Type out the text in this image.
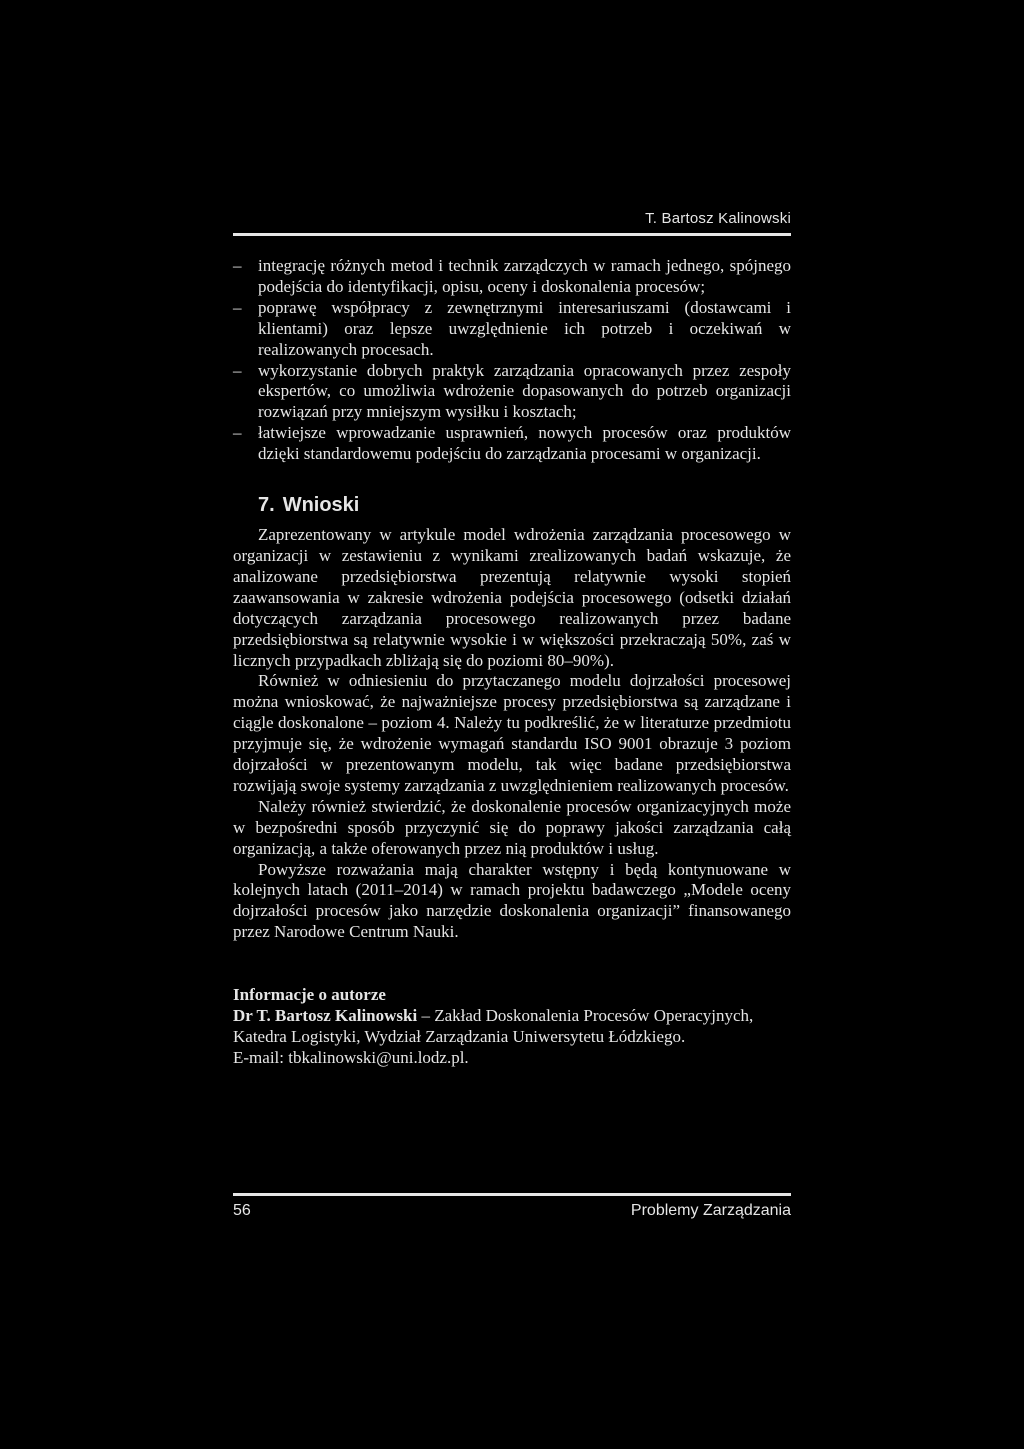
T. Bartosz Kalinowski
– integrację różnych metod i technik zarządczych w ramach jednego, spójnego podejścia do identyfikacji, opisu, oceny i doskonalenia procesów;
– poprawę współpracy z zewnętrznymi interesariuszami (dostawcami i klientami) oraz lepsze uwzględnienie ich potrzeb i oczekiwań w realizowanych procesach.
– wykorzystanie dobrych praktyk zarządzania opracowanych przez zespoły ekspertów, co umożliwia wdrożenie dopasowanych do potrzeb organizacji rozwiązań przy mniejszym wysiłku i kosztach;
– łatwiejsze wprowadzanie usprawnień, nowych procesów oraz produktów dzięki standardowemu podejściu do zarządzania procesami w organizacji.
7. Wnioski

Zaprezentowany w artykule model wdrożenia zarządzania procesowego w organizacji w zestawieniu z wynikami zrealizowanych badań wskazuje, że analizowane przedsiębiorstwa prezentują relatywnie wysoki stopień zaawansowania w zakresie wdrożenia podejścia procesowego (odsetki działań dotyczących zarządzania procesowego realizowanych przez badane przedsiębiorstwa są relatywnie wysokie i w większości przekraczają 50%, zaś w licznych przypadkach zbliżają się do poziomi 80–90%).

Również w odniesieniu do przytaczanego modelu dojrzałości procesowej można wnioskować, że najważniejsze procesy przedsiębiorstwa są zarządzane i ciągle doskonalone – poziom 4. Należy tu podkreślić, że w literaturze przedmiotu przyjmuje się, że wdrożenie wymagań standardu ISO 9001 obrazuje 3 poziom dojrzałości w prezentowanym modelu, tak więc badane przedsiębiorstwa rozwijają swoje systemy zarządzania z uwzględnieniem realizowanych procesów.

Należy również stwierdzić, że doskonalenie procesów organizacyjnych może w bezpośredni sposób przyczynić się do poprawy jakości zarządzania całą organizacją, a także oferowanych przez nią produktów i usług.

Powyższe rozważania mają charakter wstępny i będą kontynuowane w kolejnych latach (2011–2014) w ramach projektu badawczego „Modele oceny dojrzałości procesów jako narzędzie doskonalenia organizacji” finansowanego przez Narodowe Centrum Nauki.

Informacje o autorze
Dr T. Bartosz Kalinowski – Zakład Doskonalenia Procesów Operacyjnych, Katedra Logistyki, Wydział Zarządzania Uniwersytetu Łódzkiego.
E-mail: tbkalinowski@uni.lodz.pl.
56	Problemy Zarządzania
